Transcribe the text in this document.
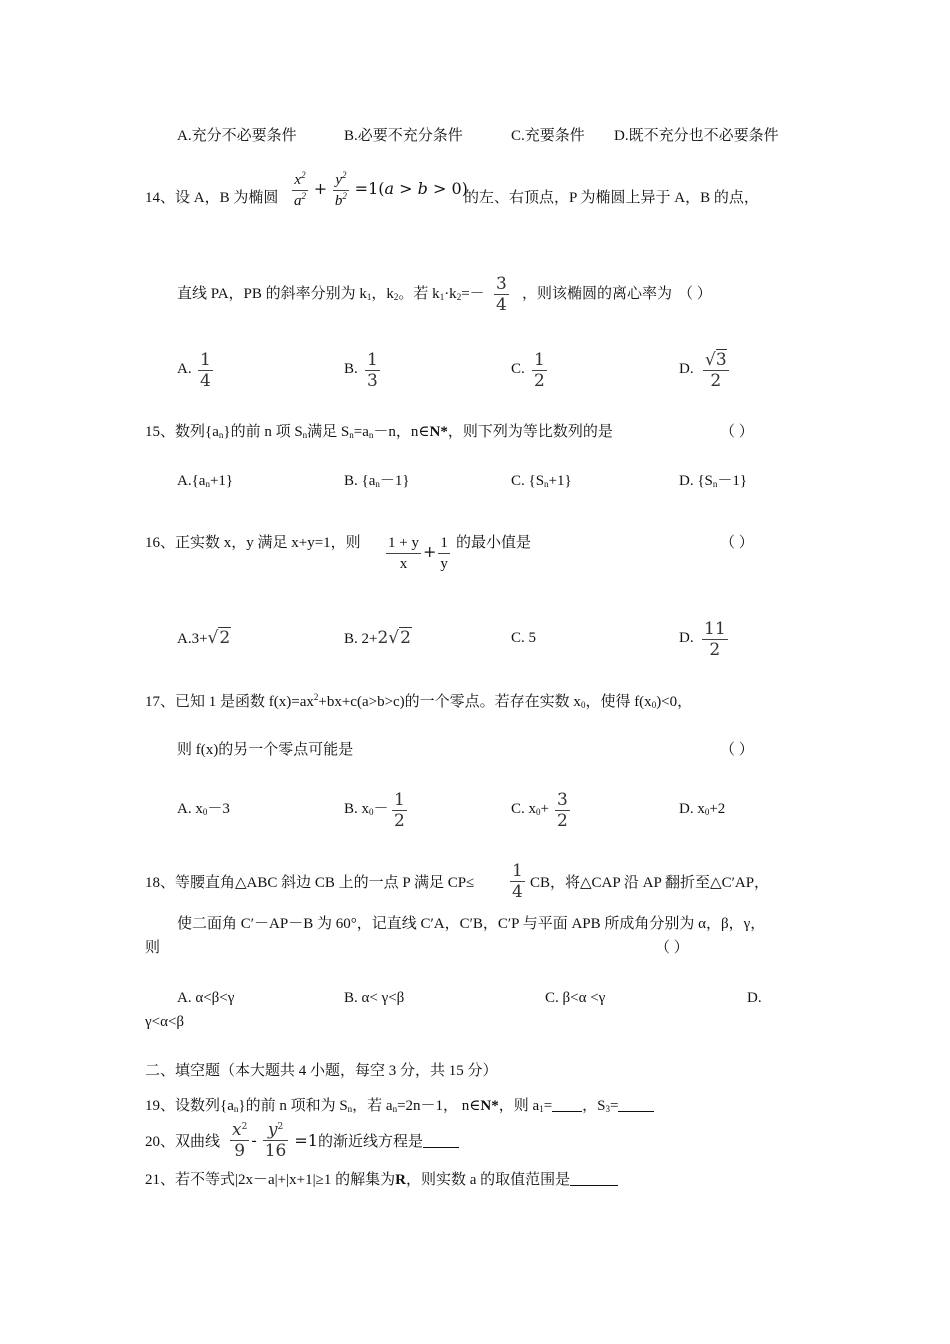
A.充分不必要条件	B.必要不充分条件	C.充要条件 D.既不充分也不必要条件
14、设 A，B 为椭圆 $\frac{x^2}{a^2} + \frac{y^2}{b^2} =1(a > b > 0)$
的左、右顶点，P 为椭圆上异于 A，B 的点，
直线 PA，PB 的斜率分别为 $k_1$，$k_2$。若 $k_1\cdot k_2=- \frac{3}{4}$ ，则该椭圆的离心率为 （ ）
A. $\frac{1}{4}$	B. $\frac{1}{3}$	C. $\frac{1}{2}$	D. $\frac{√3}{2}$
15、数列$\{a_n\}$的前 n 项 $S_n$满足 $S_n=a_n-n$，n∈N*，则下列为等比数列的是	（ ）
$A.\{a_n+1\}$	B. $\{a_n-1\}$	C. $\{S_n+1\}$	D. $\{S_n-1\}$
16、正实数 x，y 满足 x+y=1，则 $\frac{1 + y}{x} + \frac{1}{y}$ 的最小值是	（ ）
A.3+√2	B. 2+2√2	C. 5	D. $\frac{11}{2}$
17、已知 1 是函数 $f(x)=ax^2+bx+c(a>b>c)$的一个零点。若存在实数 $x_0$，使得 $f(x_0)<0$，
则 f(x)的另一个零点可能是	（ ）
A. $x_0-3$	B. $x_0- \frac{1}{2}$	C. $x_0+ \frac{3}{2}$	D. $x_0+2$
18、等腰直角△ABC 斜边 CB 上的一点 P 满足 $CP\le \frac{1}{4}$ CB，将△CAP 沿 AP 翻折至△C′AP，
使二面角 C′－AP－B 为 60°，记直线 C′A，C′B，C′P 与平面 APB 所成角分别为 α，β，γ，
则	（ ）
A. α<β<γ	B. α< γ<β	C. β<α <γ	D.
γ<α<β
二、填空题（本大题共 4 小题，每空 3 分，共 15 分）
19、设数列$\{a_n\}$的前 n 项和为 $S_n$，若 $a_n=2n-1$， n∈N*，则 $a_1=$ ，$S_3=$
20、双曲线 $\frac{x^2}{9} - \frac{y^2}{16} =1$ 的渐近线方程是
21、若不等式|2x－a|+|x+1|≥1 的解集为R，则实数 a 的取值范围是
